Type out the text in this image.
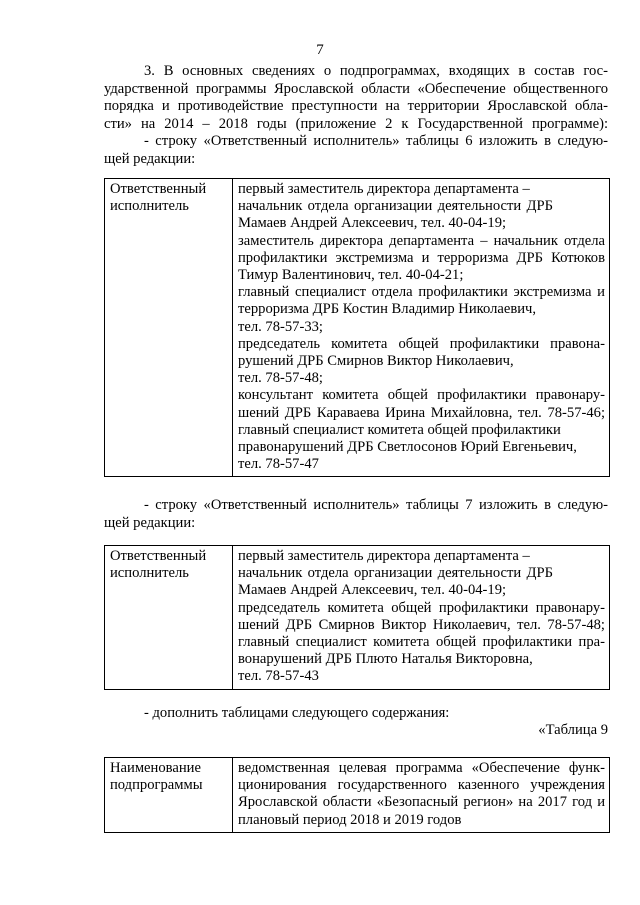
7
3. В основных сведениях о подпрограммах, входящих в состав гос-
ударственной программы Ярославской области «Обеспечение общественного
порядка и противодействие преступности на территории Ярославской обла-
сти» на 2014 – 2018 годы (приложение 2 к Государственной программе):
- строку «Ответственный исполнитель» таблицы 6 изложить в следую-
щей редакции:
Ответственный
исполнитель

первый заместитель директора департамента –
начальник отдела организации деятельности ДРБ
Мамаев Андрей Алексеевич, тел. 40-04-19;
заместитель директора департамента – начальник отдела
профилактики экстремизма и терроризма ДРБ Котюков
Тимур Валентинович, тел. 40-04-21;
главный специалист отдела профилактики экстремизма и
терроризма ДРБ Костин Владимир Николаевич,
тел. 78-57-33;
председатель комитета общей профилактики правона-
рушений ДРБ Смирнов Виктор Николаевич,
тел. 78-57-48;
консультант комитета общей профилактики правонару-
шений ДРБ Караваева Ирина Михайловна, тел. 78-57-46;
главный специалист комитета общей профилактики
правонарушений ДРБ Светлосонов Юрий Евгеньевич,
тел. 78-57-47
- строку «Ответственный исполнитель» таблицы 7 изложить в следую-
щей редакции:
Ответственный
исполнитель

первый заместитель директора департамента –
начальник отдела организации деятельности ДРБ
Мамаев Андрей Алексеевич, тел. 40-04-19;
председатель комитета общей профилактики правонару-
шений ДРБ Смирнов Виктор Николаевич, тел. 78-57-48;
главный специалист комитета общей профилактики пра-
вонарушений ДРБ Плюто Наталья Викторовна,
тел. 78-57-43
- дополнить таблицами следующего содержания:
«Таблица 9
Наименование
подпрограммы

ведомственная целевая программа «Обеспечение функ-
ционирования государственного казенного учреждения
Ярославской области «Безопасный регион» на 2017 год и
плановый период 2018 и 2019 годов
